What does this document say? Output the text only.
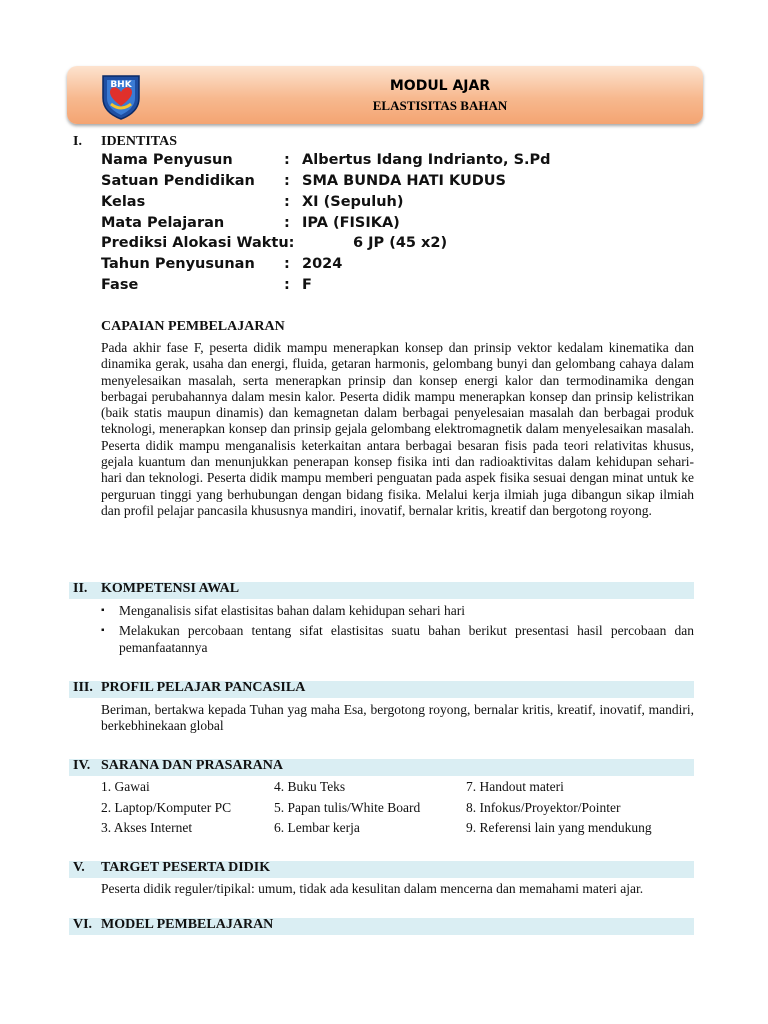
BHK	MODUL AJAR
ELASTISITAS BAHAN
I. IDENTITAS
Nama Penyusun	: Albertus Idang Indrianto, S.Pd
Satuan Pendidikan : SMA BUNDA HATI KUDUS
Kelas	: XI (Sepuluh)
Mata Pelajaran	: IPA (FISIKA)
Prediksi Alokasi Waktu:	6 JP (45 x2)
Tahun Penyusunan : 2024
Fase	: F
CAPAIAN PEMBELAJARAN
Pada akhir fase F, peserta didik mampu menerapkan konsep dan prinsip vektor kedalam kinematika dan dinamika gerak, usaha dan energi, fluida, getaran harmonis, gelombang bunyi dan gelombang cahaya dalam menyelesaikan masalah, serta menerapkan prinsip dan konsep energi kalor dan termodinamika dengan berbagai perubahannya dalam mesin kalor. Peserta didik mampu menerapkan konsep dan prinsip kelistrikan (baik statis maupun dinamis) dan kemagnetan dalam berbagai penyelesaian masalah dan berbagai produk teknologi, menerapkan konsep dan prinsip gejala gelombang elektromagnetik dalam menyelesaikan masalah. Peserta didik mampu menganalisis keterkaitan antara berbagai besaran fisis pada teori relativitas khusus, gejala kuantum dan menunjukkan penerapan konsep fisika inti dan radioaktivitas dalam kehidupan sehari-hari dan teknologi. Peserta didik mampu memberi penguatan pada aspek fisika sesuai dengan minat untuk ke perguruan tinggi yang berhubungan dengan bidang fisika. Melalui kerja ilmiah juga dibangun sikap ilmiah dan profil pelajar pancasila khususnya mandiri, inovatif, bernalar kritis, kreatif dan bergotong royong.
II. KOMPETENSI AWAL
▪ Menganalisis sifat elastisitas bahan dalam kehidupan sehari hari
▪ Melakukan percobaan tentang sifat elastisitas suatu bahan berikut presentasi hasil percobaan dan pemanfaatannya
III. PROFIL PELAJAR PANCASILA
Beriman, bertakwa kepada Tuhan yag maha Esa, bergotong royong, bernalar kritis, kreatif, inovatif, mandiri, berkebhinekaan global
IV. SARANA DAN PRASARANA
1. Gawai	4. Buku Teks	7. Handout materi
2. Laptop/Komputer PC	5. Papan tulis/White Board	8. Infokus/Proyektor/Pointer
3. Akses Internet	6. Lembar kerja	9. Referensi lain yang mendukung
V. TARGET PESERTA DIDIK
Peserta didik reguler/tipikal: umum, tidak ada kesulitan dalam mencerna dan memahami materi ajar.
VI. MODEL PEMBELAJARAN
